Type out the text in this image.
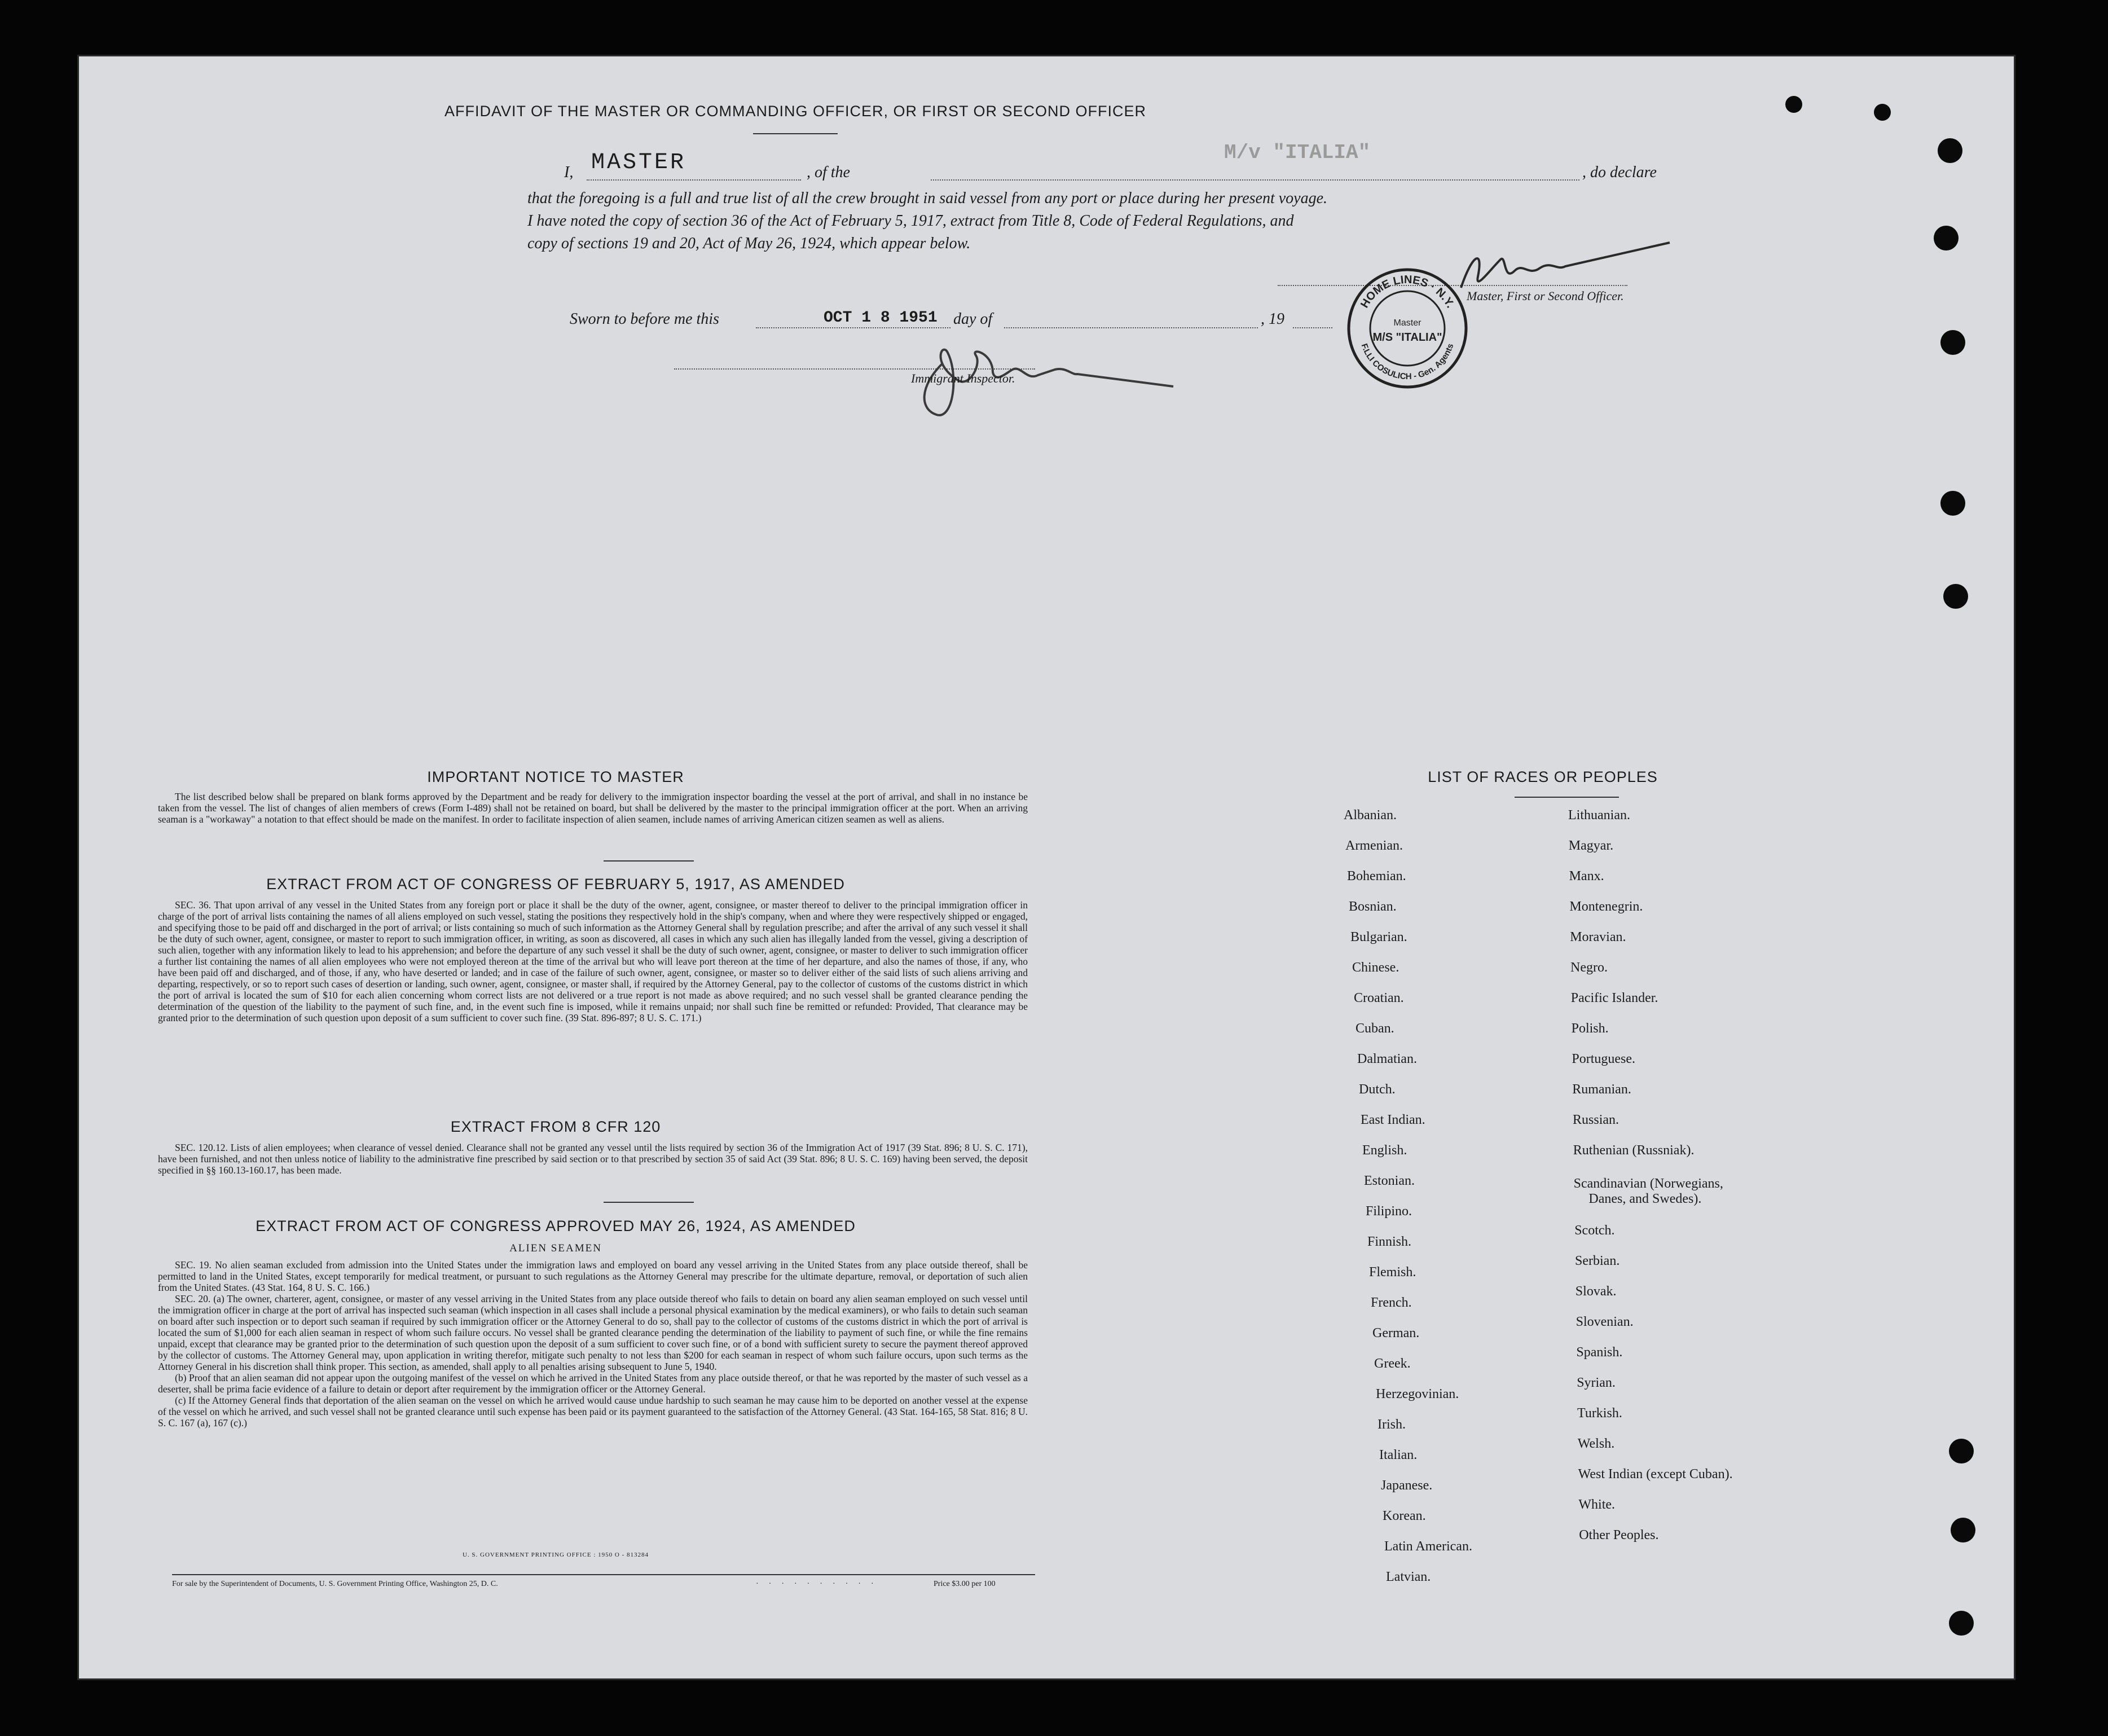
AFFIDAVIT OF THE MASTER OR COMMANDING OFFICER, OR FIRST OR SECOND OFFICER
I, MASTER	, of the
M/v "ITALIA"
, do declare
that the foregoing is a full and true list of all the crew brought in said vessel from any port or place during her present voyage.
I have noted the copy of section 36 of the Act of February 5, 1917, extract from Title 8, Code of Federal Regulations, and
copy of sections 19 and 20, Act of May 26, 1924, which appear below.
Master, First or Second Officer.
HOME LINES · N.Y.
F.LLI COSULICH - Gen. Agents
Master
M/S "ITALIA"
Sworn to before me this	OCT 1 8 1951 day of	, 19
Immigrant Inspector.
IMPORTANT NOTICE TO MASTER

The list described below shall be prepared on blank forms approved by the Department and be ready for delivery to the immigration inspector boarding the vessel at the port of arrival, and shall in no instance be taken from the vessel. The list of changes of alien members of crews (Form I-489) shall not be retained on board, but shall be delivered by the master to the principal immigration officer at the port. When an arriving seaman is a "workaway" a notation to that effect should be made on the manifest. In order to facilitate inspection of alien seamen, include names of arriving American citizen seamen as well as aliens.

EXTRACT FROM ACT OF CONGRESS OF FEBRUARY 5, 1917, AS AMENDED

SEC. 36. That upon arrival of any vessel in the United States from any foreign port or place it shall be the duty of the owner, agent, consignee, or master thereof to deliver to the principal immigration officer in charge of the port of arrival lists containing the names of all aliens employed on such vessel, stating the positions they respectively hold in the ship's company, when and where they were respectively shipped or engaged, and specifying those to be paid off and discharged in the port of arrival; or lists containing so much of such information as the Attorney General shall by regulation prescribe; and after the arrival of any such vessel it shall be the duty of such owner, agent, consignee, or master to report to such immigration officer, in writing, as soon as discovered, all cases in which any such alien has illegally landed from the vessel, giving a description of such alien, together with any information likely to lead to his apprehension; and before the departure of any such vessel it shall be the duty of such owner, agent, consignee, or master to deliver to such immigration officer a further list containing the names of all alien employees who were not employed thereon at the time of the arrival but who will leave port thereon at the time of her departure, and also the names of those, if any, who have been paid off and discharged, and of those, if any, who have deserted or landed; and in case of the failure of such owner, agent, consignee, or master so to deliver either of the said lists of such aliens arriving and departing, respectively, or so to report such cases of desertion or landing, such owner, agent, consignee, or master shall, if required by the Attorney General, pay to the collector of customs of the customs district in which the port of arrival is located the sum of $10 for each alien concerning whom correct lists are not delivered or a true report is not made as above required; and no such vessel shall be granted clearance pending the determination of the question of the liability to the payment of such fine, and, in the event such fine is imposed, while it remains unpaid; nor shall such fine be remitted or refunded: Provided, That clearance may be granted prior to the determination of such question upon deposit of a sum sufficient to cover such fine. (39 Stat. 896-897; 8 U. S. C. 171.)

EXTRACT FROM 8 CFR 120

SEC. 120.12. Lists of alien employees; when clearance of vessel denied. Clearance shall not be granted any vessel until the lists required by section 36 of the Immigration Act of 1917 (39 Stat. 896; 8 U. S. C. 171), have been furnished, and not then unless notice of liability to the administrative fine prescribed by said section or to that prescribed by section 35 of said Act (39 Stat. 896; 8 U. S. C. 169) having been served, the deposit specified in §§ 160.13-160.17, has been made.

EXTRACT FROM ACT OF CONGRESS APPROVED MAY 26, 1924, AS AMENDED
ALIEN SEAMEN

SEC. 19. No alien seaman excluded from admission into the United States under the immigration laws and employed on board any vessel arriving in the United States from any place outside thereof, shall be permitted to land in the United States, except temporarily for medical treatment, or pursuant to such regulations as the Attorney General may prescribe for the ultimate departure, removal, or deportation of such alien from the United States. (43 Stat. 164, 8 U. S. C. 166.)

SEC. 20. (a) The owner, charterer, agent, consignee, or master of any vessel arriving in the United States from any place outside thereof who fails to detain on board any alien seaman employed on such vessel until the immigration officer in charge at the port of arrival has inspected such seaman (which inspection in all cases shall include a personal physical examination by the medical examiners), or who fails to detain such seaman on board after such inspection or to deport such seaman if required by such immigration officer or the Attorney General to do so, shall pay to the collector of customs of the customs district in which the port of arrival is located the sum of $1,000 for each alien seaman in respect of whom such failure occurs. No vessel shall be granted clearance pending the determination of the liability to payment of such fine, or while the fine remains unpaid, except that clearance may be granted prior to the determination of such question upon the deposit of a sum sufficient to cover such fine, or of a bond with sufficient surety to secure the payment thereof approved by the collector of customs. The Attorney General may, upon application in writing therefor, mitigate such penalty to not less than $200 for each seaman in respect of whom such failure occurs, upon such terms as the Attorney General in his discretion shall think proper. This section, as amended, shall apply to all penalties arising subsequent to June 5, 1940.

(b) Proof that an alien seaman did not appear upon the outgoing manifest of the vessel on which he arrived in the United States from any place outside thereof, or that he was reported by the master of such vessel as a deserter, shall be prima facie evidence of a failure to detain or deport after requirement by the immigration officer or the Attorney General.

(c) If the Attorney General finds that deportation of the alien seaman on the vessel on which he arrived would cause undue hardship to such seaman he may cause him to be deported on another vessel at the expense of the vessel on which he arrived, and such vessel shall not be granted clearance until such expense has been paid or its payment guaranteed to the satisfaction of the Attorney General. (43 Stat. 164-165, 58 Stat. 816; 8 U. S. C. 167 (a), 167 (c).)

U. S. GOVERNMENT PRINTING OFFICE : 1950 O - 813284
For sale by the Superintendent of Documents, U. S. Government Printing Office, Washington 25, D. C.	··········	Price $3.00 per 100
LIST OF RACES OR PEOPLES
Albanian.
Armenian.
Bohemian.
Bosnian.
Bulgarian.
Chinese.
Croatian.
Cuban.
Dalmatian.
Dutch.
East Indian.
English.
Estonian.
Filipino.
Finnish.
Flemish.
French.
German.
Greek.
Herzegovinian.
Irish.
Italian.
Japanese.
Korean.
Latin American.
Latvian.
Lithuanian.
Magyar.
Manx.
Montenegrin.
Moravian.
Negro.
Pacific Islander.
Polish.
Portuguese.
Rumanian.
Russian.
Ruthenian (Russniak).
Scandinavian (Norwegians,
Danes, and Swedes).
Scotch.
Serbian.
Slovak.
Slovenian.
Spanish.
Syrian.
Turkish.
Welsh.
West Indian (except Cuban).
White.
Other Peoples.
